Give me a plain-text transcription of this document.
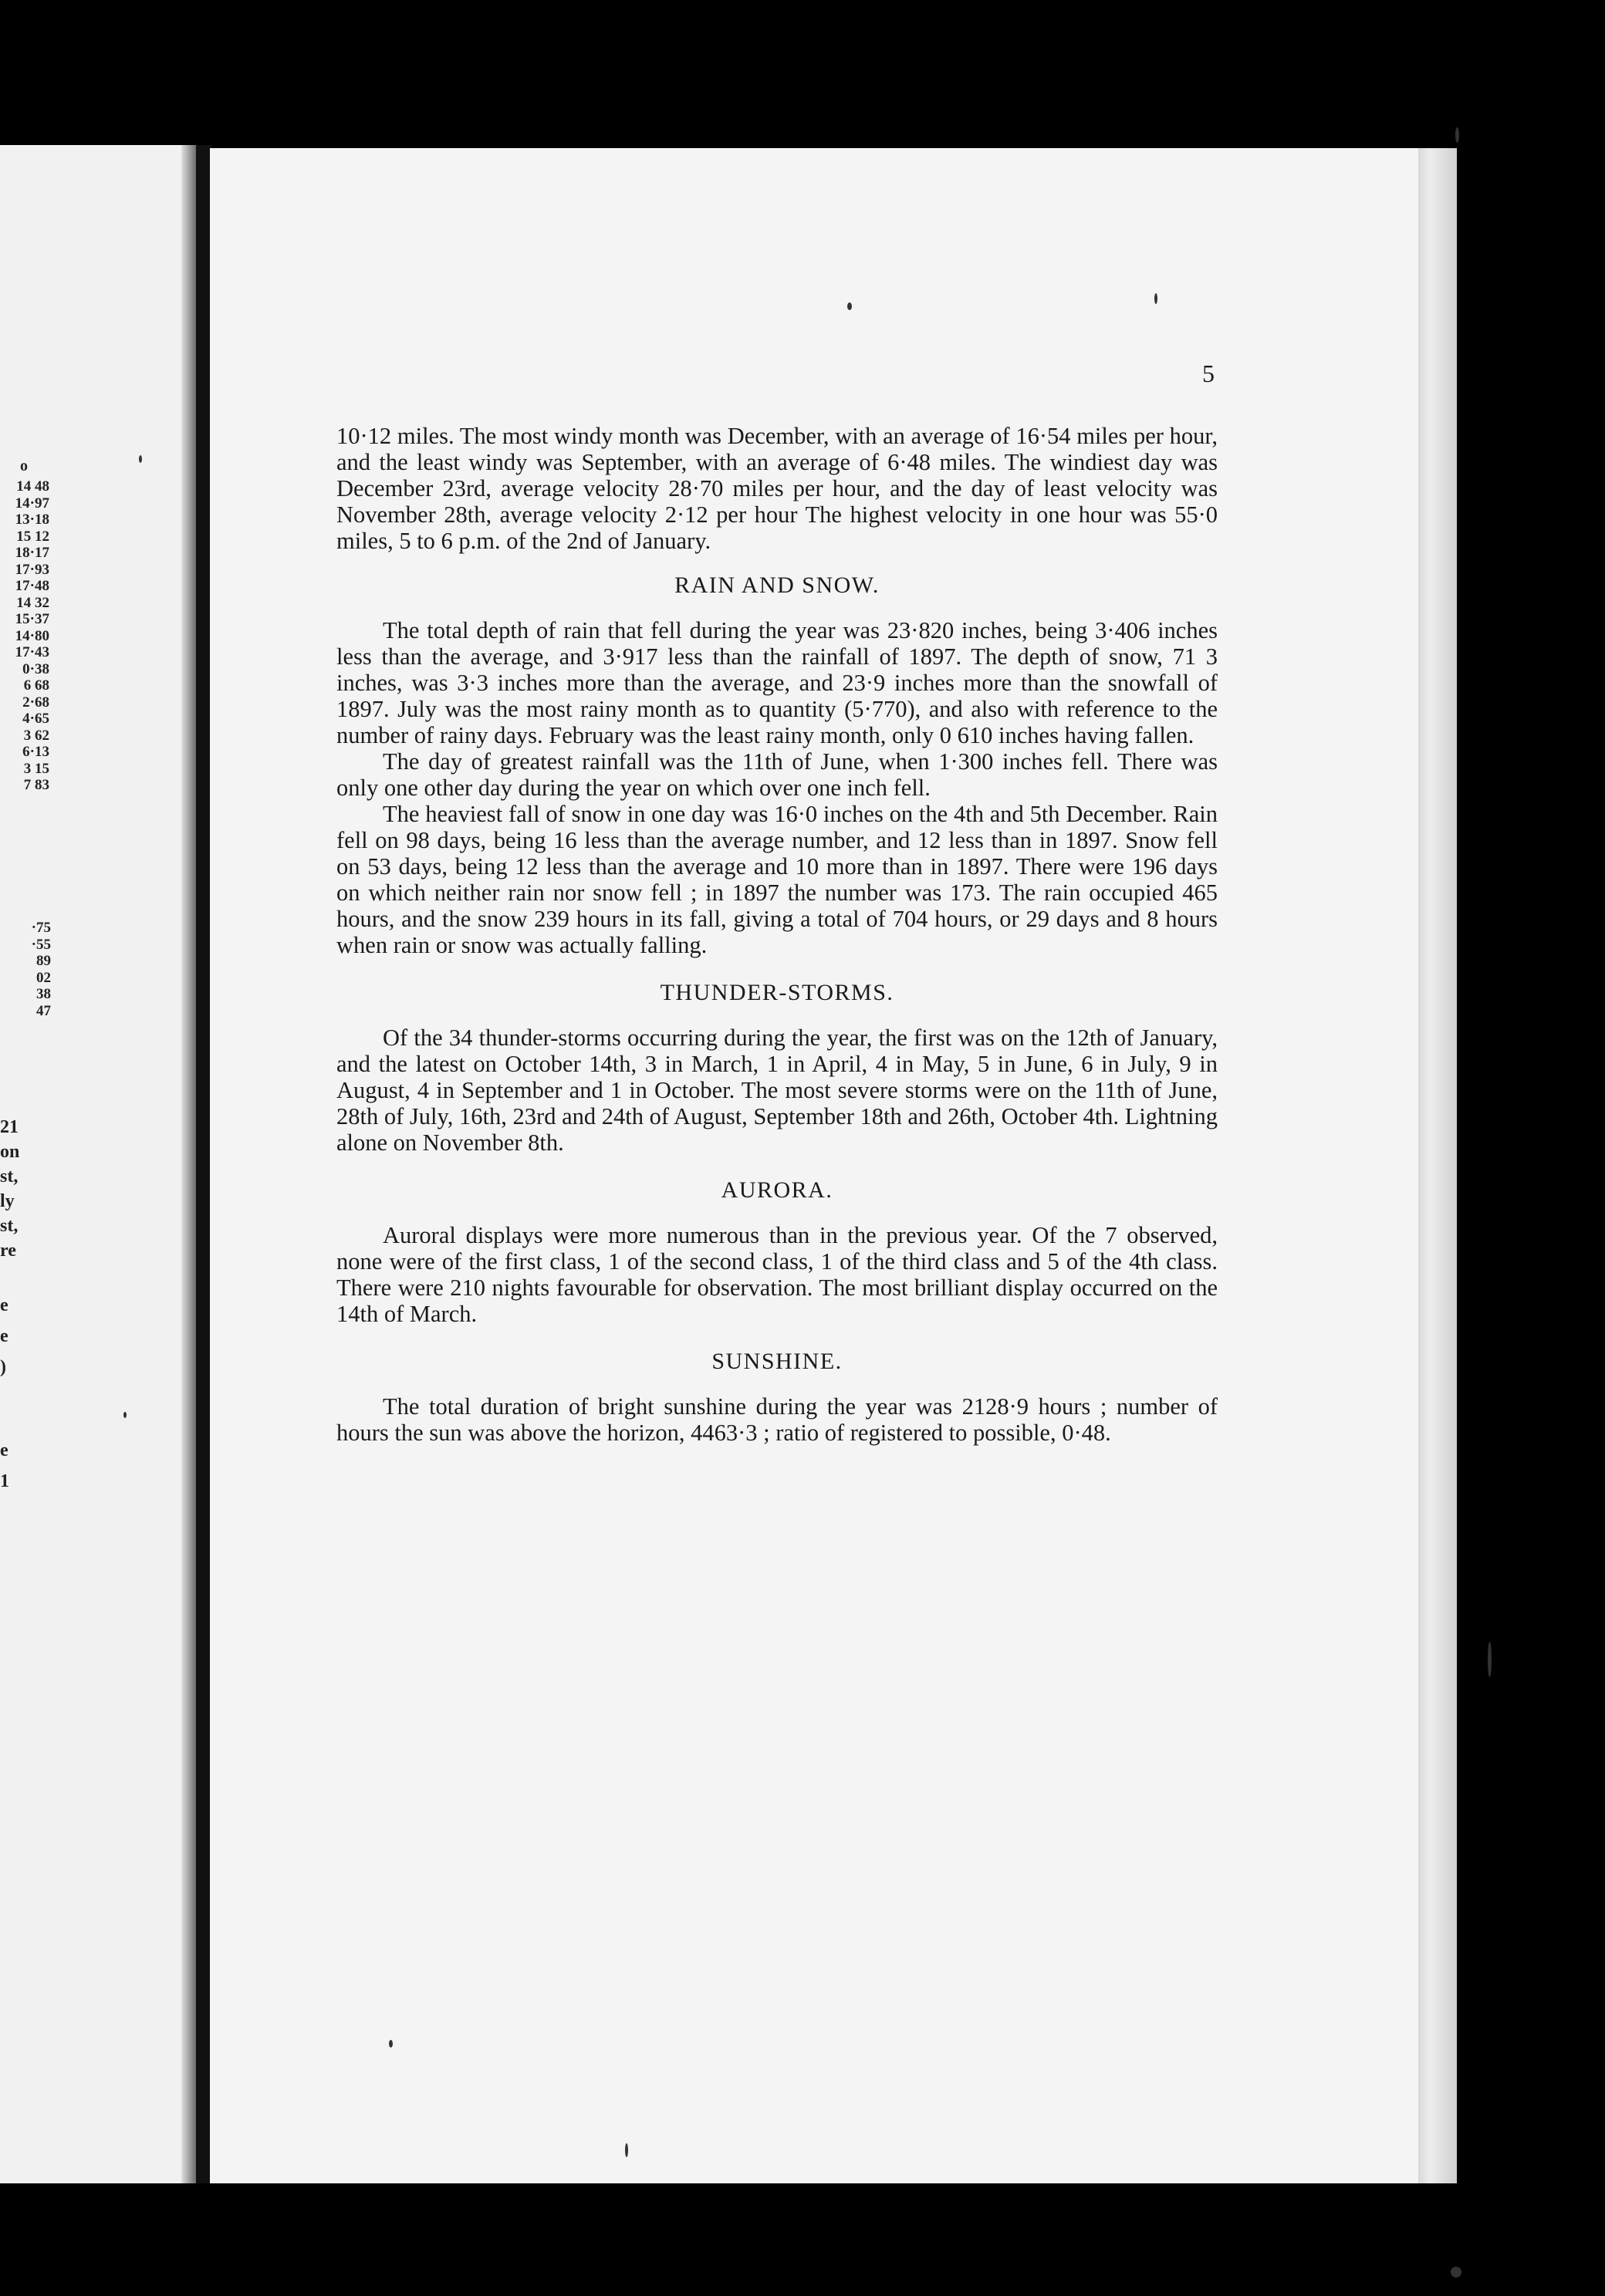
o
14 48
14·97
13·18
15 12
18·17
17·93
17·48
14 32
15·37
14·80
17·43
0·38
6 68
2·68
4·65
3 62
6·13
3 15
7 83
·75
·55
89
02
38
47
21
on
st,
ly
st,
re
e
e
)
e
1
5

10·12 miles. The most windy month was December, with an average of 16·54 miles per hour, and the least windy was September, with an average of 6·48 miles. The windiest day was December 23rd, average velocity 28·70 miles per hour, and the day of least velocity was November 28th, average velocity 2·12 per hour The highest velocity in one hour was 55·0 miles, 5 to 6 p.m. of the 2nd of January.

RAIN AND SNOW.

The total depth of rain that fell during the year was 23·820 inches, being 3·406 inches less than the average, and 3·917 less than the rainfall of 1897. The depth of snow, 71 3 inches, was 3·3 inches more than the average, and 23·9 inches more than the snowfall of 1897. July was the most rainy month as to quantity (5·770), and also with reference to the number of rainy days. February was the least rainy month, only 0 610 inches having fallen.

The day of greatest rainfall was the 11th of June, when 1·300 inches fell. There was only one other day during the year on which over one inch fell.

The heaviest fall of snow in one day was 16·0 inches on the 4th and 5th December. Rain fell on 98 days, being 16 less than the average number, and 12 less than in 1897. Snow fell on 53 days, being 12 less than the average and 10 more than in 1897. There were 196 days on which neither rain nor snow fell ; in 1897 the number was 173. The rain occupied 465 hours, and the snow 239 hours in its fall, giving a total of 704 hours, or 29 days and 8 hours when rain or snow was actually falling.

THUNDER-STORMS.

Of the 34 thunder-storms occurring during the year, the first was on the 12th of January, and the latest on October 14th, 3 in March, 1 in April, 4 in May, 5 in June, 6 in July, 9 in August, 4 in September and 1 in October. The most severe storms were on the 11th of June, 28th of July, 16th, 23rd and 24th of August, September 18th and 26th, October 4th. Lightning alone on November 8th.

AURORA.

Auroral displays were more numerous than in the previous year. Of the 7 observed, none were of the first class, 1 of the second class, 1 of the third class and 5 of the 4th class. There were 210 nights favourable for observation. The most brilliant display occurred on the 14th of March.

SUNSHINE.

The total duration of bright sunshine during the year was 2128·9 hours ; number of hours the sun was above the horizon, 4463·3 ; ratio of registered to possible, 0·48.
